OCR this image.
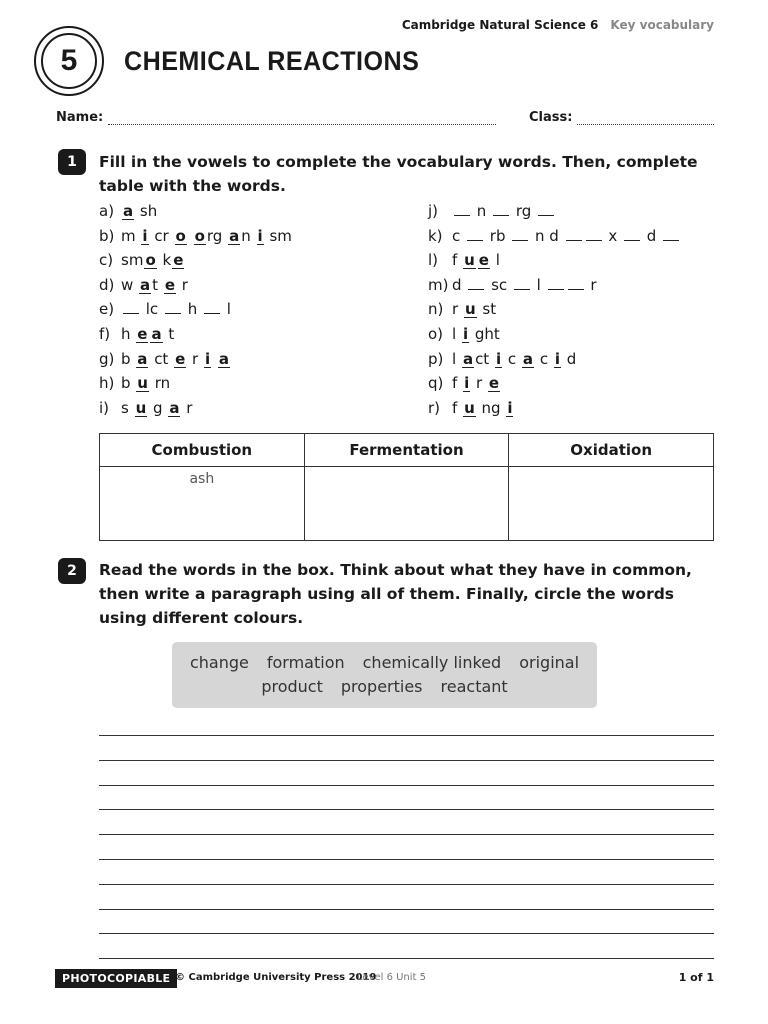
Cambridge Natural Science 6 Key vocabulary
5	CHEMICAL REACTIONS
Name:	Class:
1	Fill in the vowels to complete the vocabulary words. Then, complete table with the words.
a) a sh
b) m i cr o o rg a n i sm
c) sm o k e
d) w a t e r
e) lc  h  l
f) h e a t
g) b a ct e r i a
h) b u rn
i) s u g a r
j) n  rg
k) c  rb  n d	x  d
l) f u e l
m) d  sc  l	r
n) r u st
o) l i ght
p) l a ct i c a c i d
q) f i r e
r) f u ng i
Combustion	Fermentation	Oxidation
ash		
2	Read the words in the box. Think about what they have in common, then write a paragraph using all of them. Finally, circle the words using different colours.
change formation chemically linked original
product properties reactant
PHOTOCOPIABLE © Cambridge University Press 2019
Level 6 Unit 5	1 of 1
